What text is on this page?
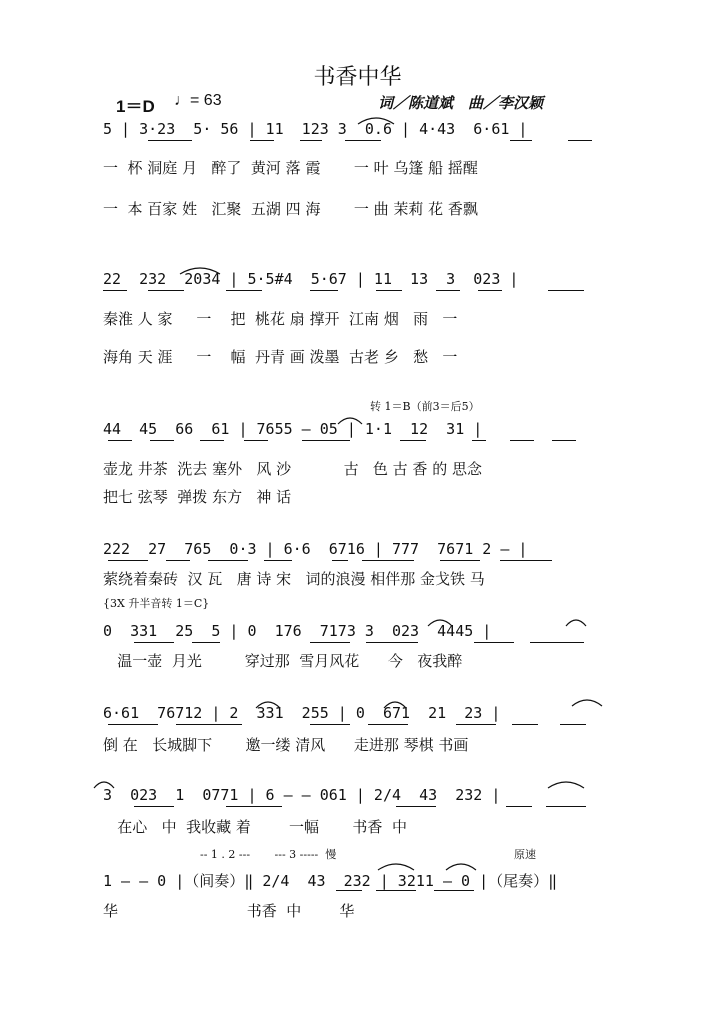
书香中华
1＝D ♩= 63	词／陈道斌　曲／李汉颖
5 | 3·23  5· 56 | 11  123 3  0.6 | 4·43  6·61 |
一  杯 洞庭 月   醉了  黄河 落 霞       一 叶 乌篷 船 摇醒
一  本 百家 姓   汇聚  五湖 四 海       一 曲 茉莉 花 香飘
22  232  2034 | 5·5#4  5·67 | 11  13  3  023 |
秦淮 人 家     一    把  桃花 扇 撑开  江南 烟   雨   一
海角 天 涯     一    幅  丹青 画 泼墨  古老 乡   愁   一
转 1＝B（前3＝后5）
44  45  66  61 | 7655 — 05 | 1·1  12  31 |
壶龙 井茶  洗去 塞外   风 沙           古   色 古 香 的 思念
把七 弦琴  弹拨 东方   神 话
222  27  765  0·3 | 6·6  6716 | 777  7671 2 — |
萦绕着秦砖  汉 瓦   唐 诗 宋   词的浪漫 相伴那 金戈铁 马
{3X 升半音转 1＝C}
0  331  25  5 | 0  176  7173 3  023  4445 |
温一壶  月光         穿过那  雪月风花      今   夜我醉
6·61  76712 | 2  331  255 | 0  671  21  23 |
倒 在   长城脚下       邀一缕 清风      走进那 琴棋 书画
3  023  1  0771 | 6 — — 061 | 2/4  43  232 |
在心   中  我收藏 着        一幅       书香  中
-- 1 . 2 ---       --- 3 -----  慢	原速
1 — — 0 |（间奏）‖ 2/4  43  232 | 3211 — 0 |（尾奏）‖
华                           书香  中        华
